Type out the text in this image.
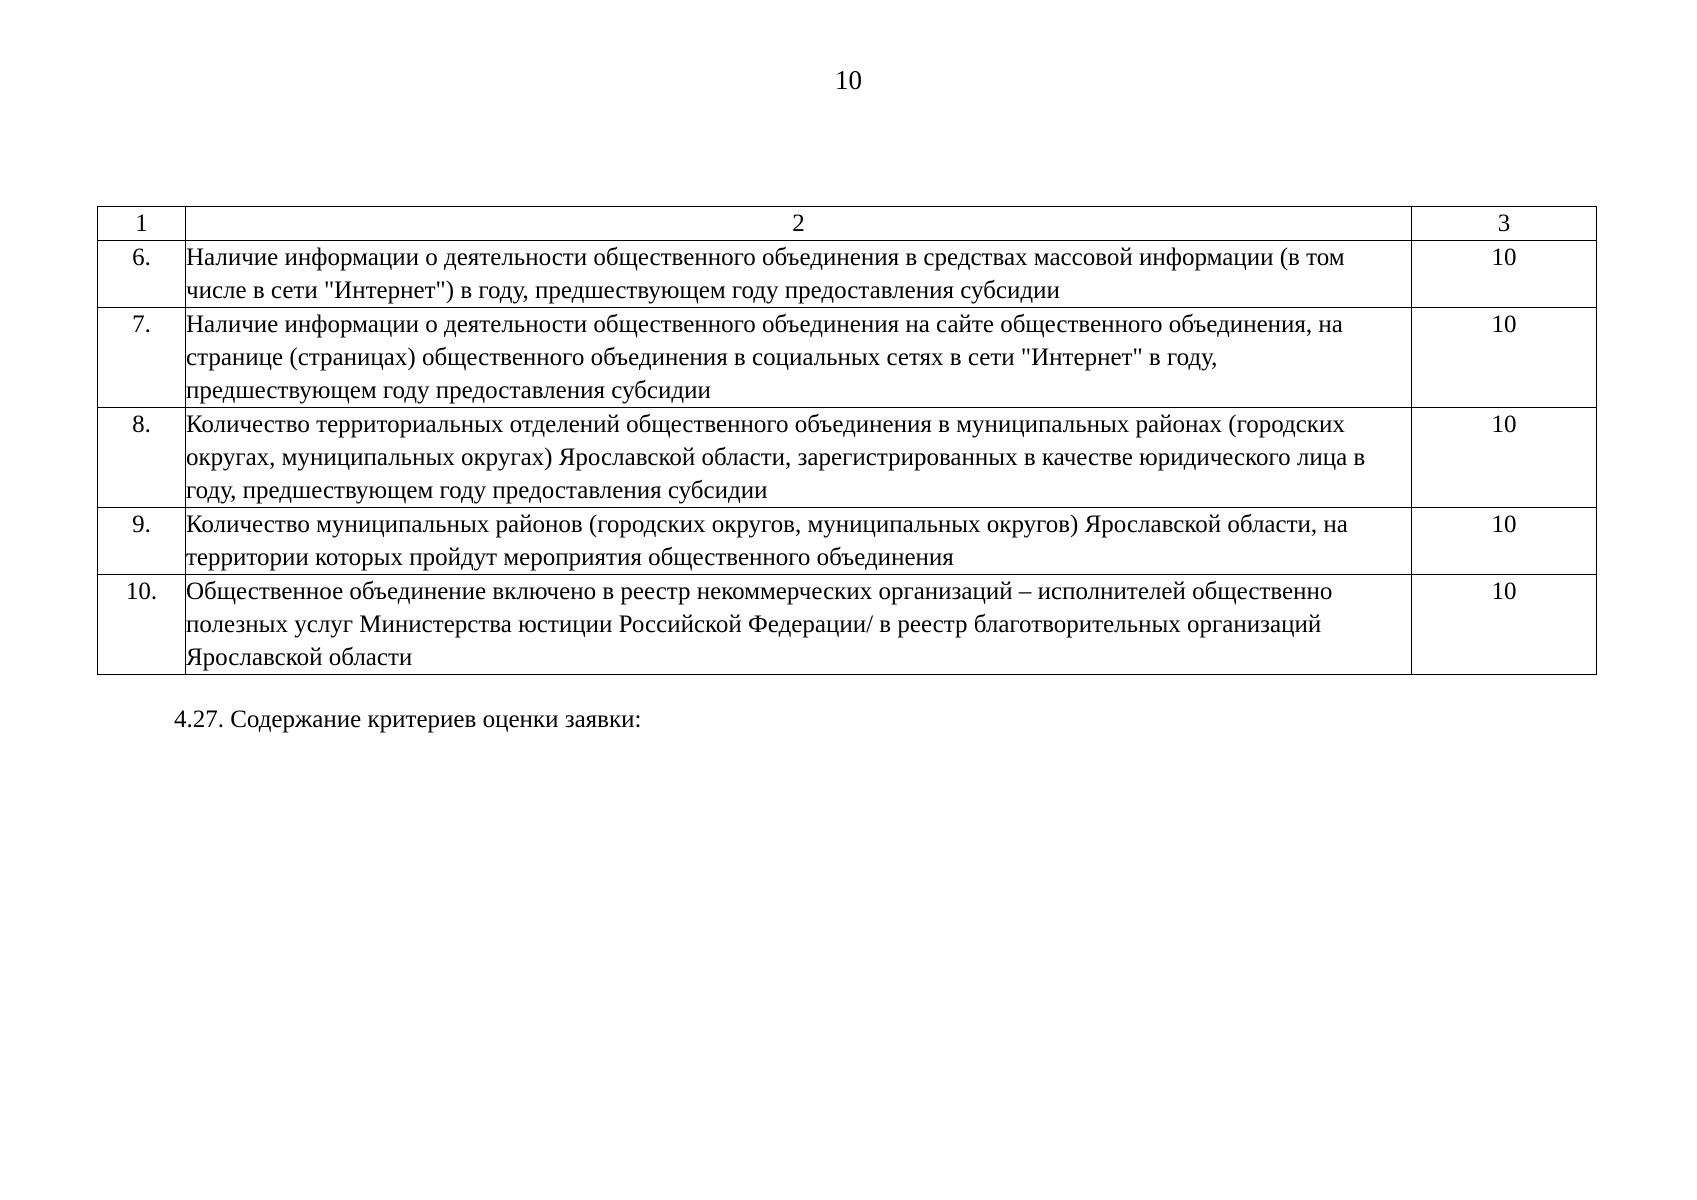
10
1	2	3
6.	Наличие информации о деятельности общественного объединения в средствах массовой информации (в том числе в сети "Интернет") в году, предшествующем году предоставления субсидии	10
7.	Наличие информации о деятельности общественного объединения на сайте общественного объединения, на странице (страницах) общественного объединения в социальных сетях в сети "Интернет" в году, предшествующем году предоставления субсидии	10
8.	Количество территориальных отделений общественного объединения в муниципальных районах (городских округах, муниципальных округах) Ярославской области, зарегистрированных в качестве юридического лица в году, предшествующем году предоставления субсидии	10
9.	Количество муниципальных районов (городских округов, муниципальных округов) Ярославской области, на территории которых пройдут мероприятия общественного объединения	10
10.	Общественное объединение включено в реестр некоммерческих организаций – исполнителей общественно полезных услуг Министерства юстиции Российской Федерации/ в реестр благотворительных организаций Ярославской области	10
4.27. Содержание критериев оценки заявки:
